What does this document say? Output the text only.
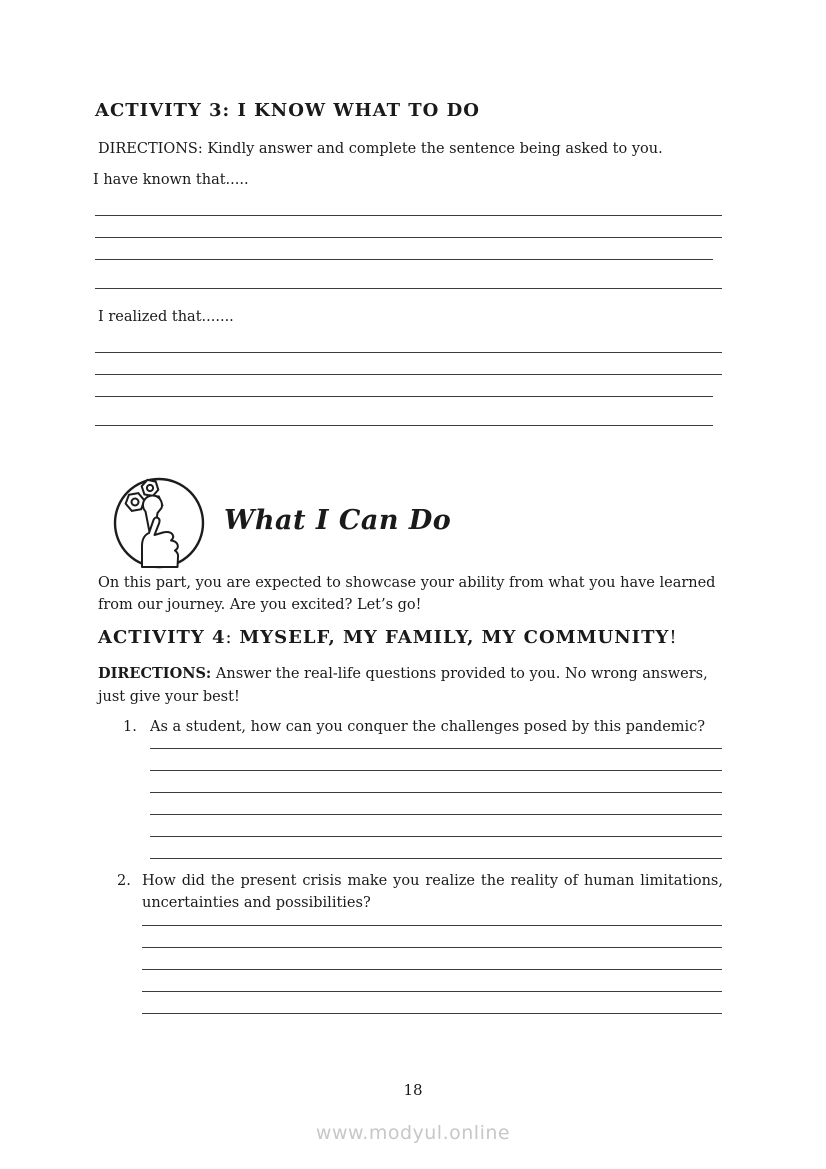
ACTIVITY 3: I KNOW WHAT TO DO
DIRECTIONS: Kindly answer and complete the sentence being asked to you.
I have known that.....
I realized that.......
What I Can Do
On this part, you are expected to showcase your ability from what you have learned from our journey. Are you excited? Let’s go!
ACTIVITY 4: MYSELF, MY FAMILY, MY COMMUNITY!
DIRECTIONS: Answer the real-life questions provided to you. No wrong answers, just give your best!
1. As a student, how can you conquer the challenges posed by this pandemic?
2. How did the present crisis make you realize the reality of human limitations, uncertainties and possibilities?
18
www.modyul.online
